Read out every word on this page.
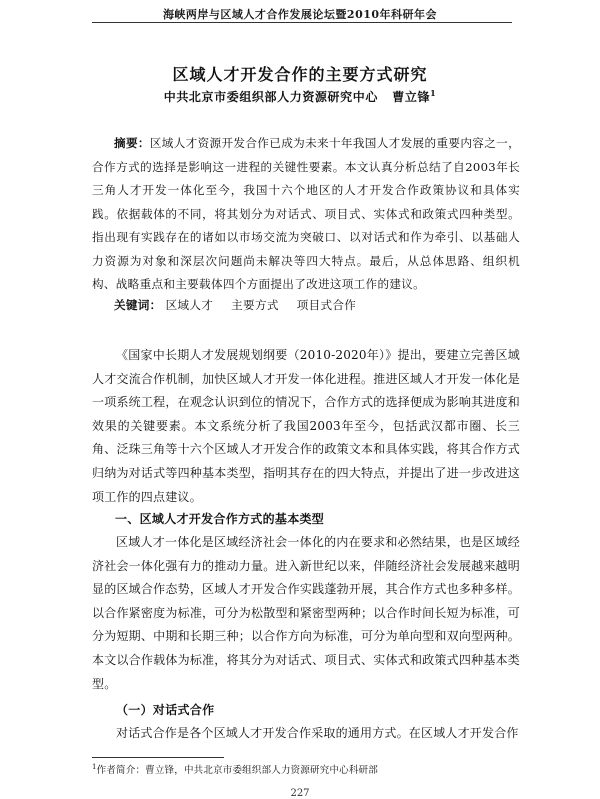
海峡两岸与区域人才合作发展论坛暨2010年科研年会
区域人才开发合作的主要方式研究
中共北京市委组织部人力资源研究中心 曹立锋$^1$
摘要：区域人才资源开发合作已成为未来十年我国人才发展的重要内容之一，合作方式的选择是影响这一进程的关键性要素。本文认真分析总结了自2003年长三角人才开发一体化至今，我国十六个地区的人才开发合作政策协议和具体实践。依据载体的不同，将其划分为对话式、项目式、实体式和政策式四种类型。指出现有实践存在的诸如以市场交流为突破口、以对话式和作为牵引、以基础人力资源为对象和深层次问题尚未解决等四大特点。最后，从总体思路、组织机构、战略重点和主要载体四个方面提出了改进这项工作的建议。
关键词： 区域人才 主要方式 项目式合作
《国家中长期人才发展规划纲要（2010-2020年）》提出，要建立完善区域人才交流合作机制，加快区域人才开发一体化进程。推进区域人才开发一体化是一项系统工程，在观念认识到位的情况下，合作方式的选择便成为影响其进度和效果的关键要素。本文系统分析了我国2003年至今，包括武汉都市圈、长三角、泛珠三角等十六个区域人才开发合作的政策文本和具体实践，将其合作方式归纳为对话式等四种基本类型，指明其存在的四大特点，并提出了进一步改进这项工作的四点建议。
一、区域人才开发合作方式的基本类型
区域人才一体化是区域经济社会一体化的内在要求和必然结果，也是区域经济社会一体化强有力的推动力量。进入新世纪以来，伴随经济社会发展越来越明显的区域合作态势，区域人才开发合作实践蓬勃开展，其合作方式也多种多样。以合作紧密度为标准，可分为松散型和紧密型两种；以合作时间长短为标准，可分为短期、中期和长期三种；以合作方向为标准，可分为单向型和双向型两种。本文以合作载体为标准，将其分为对话式、项目式、实体式和政策式四种基本类型。
（一）对话式合作
对话式合作是各个区域人才开发合作采取的通用方式。在区域人才开发合作
$^1$作者简介：曹立锋，中共北京市委组织部人力资源研究中心科研部
227
